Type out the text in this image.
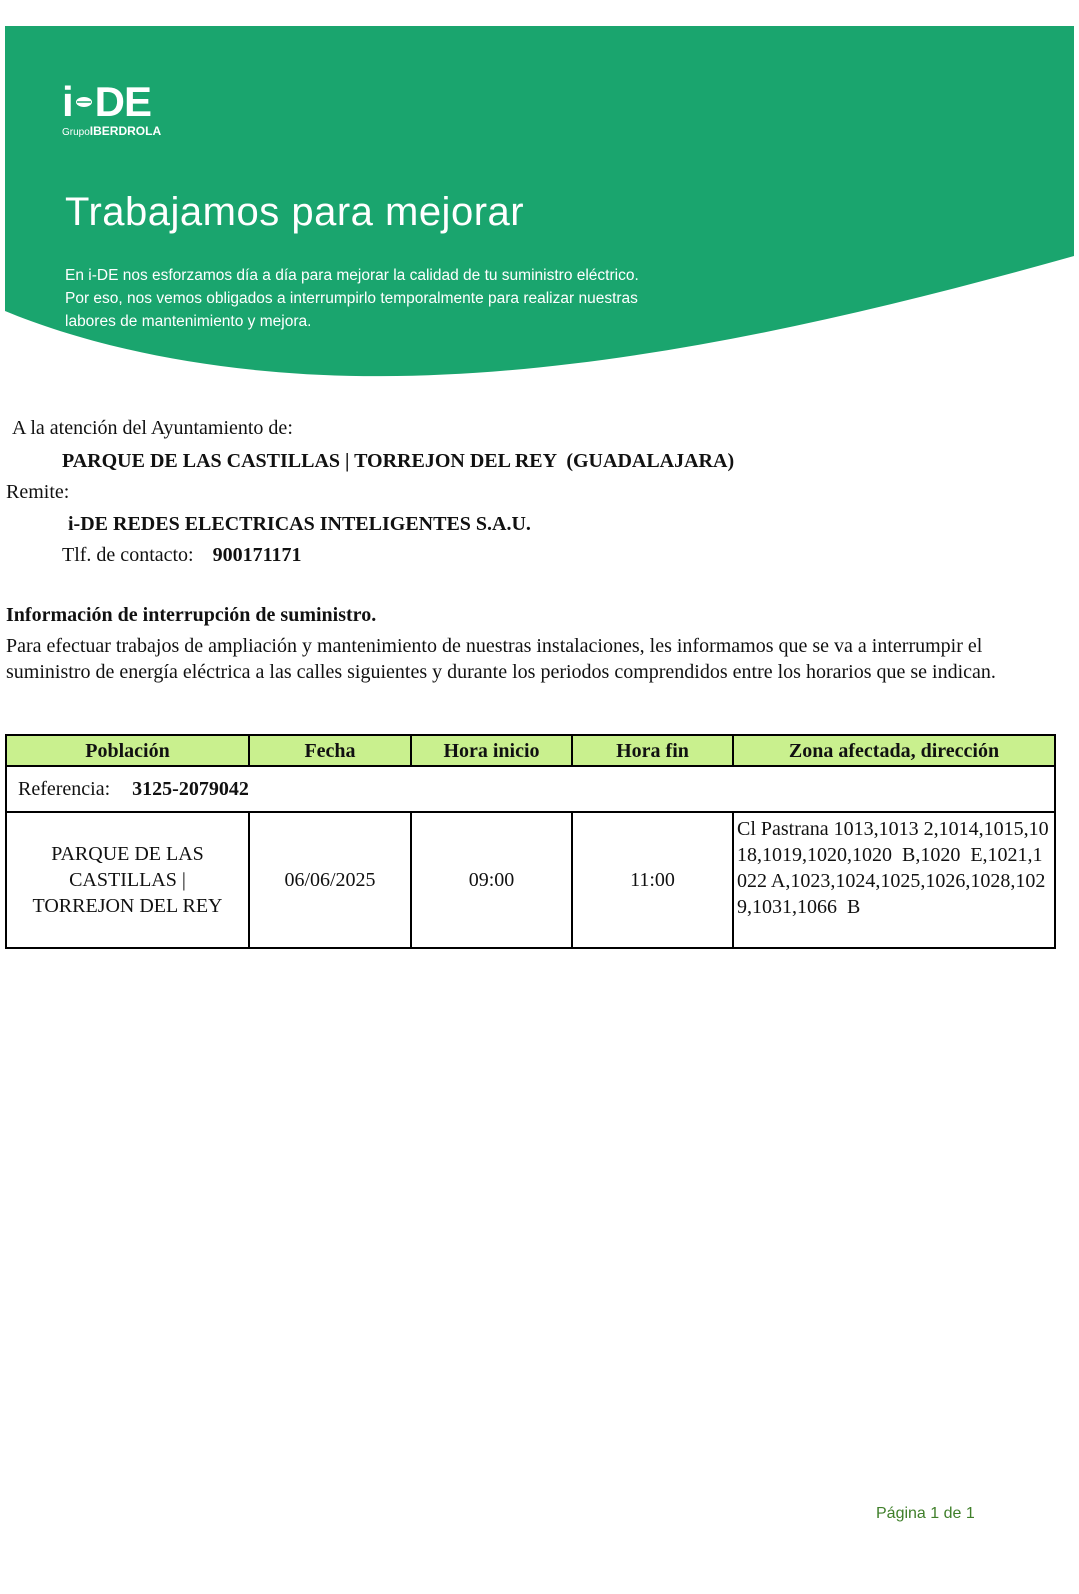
i DE
GrupoIBERDROLA
Trabajamos para mejorar

En i-DE nos esforzamos día a día para mejorar la calidad de tu suministro eléctrico. Por eso, nos vemos obligados a interrumpirlo temporalmente para realizar nuestras labores de mantenimiento y mejora.

A la atención del Ayuntamiento de:
PARQUE DE LAS CASTILLAS | TORREJON DEL REY  (GUADALAJARA)
Remite:
i-DE REDES ELECTRICAS INTELIGENTES S.A.U.
Tlf. de contacto: 900171171
Información de interrupción de suministro.

Para efectuar trabajos de ampliación y mantenimiento de nuestras instalaciones, les informamos que se va a interrumpir el suministro de energía eléctrica a las calles siguientes y durante los periodos comprendidos entre los horarios que se indican.

Población	Fecha	Hora inicio	Hora fin	Zona afectada, dirección
Referencia: 3125-2079042				
PARQUE DE LAS CASTILLAS | TORREJON DEL REY	06/06/2025	09:00	11:00	Cl Pastrana 1013,1013 2,1014,1015,1018,1019,1020,1020  B,1020  E,1021,1022 A,1023,1024,1025,1026,1028,1029,1031,1066  B
Página 1 de 1
